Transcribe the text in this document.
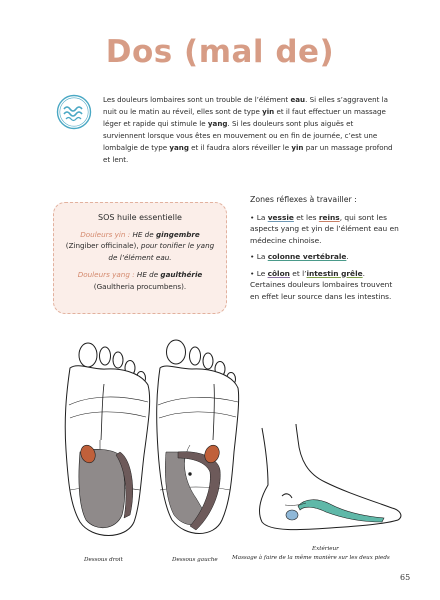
Dos (mal de)
Les douleurs lombaires sont un trouble de l’élément eau. Si elles s’aggravent la nuit ou le matin au réveil, elles sont de type yin et il faut effectuer un massage léger et rapide qui stimule le yang. Si les douleurs sont plus aiguës et surviennent lorsque vous êtes en mouvement ou en fin de journée, c’est une lombalgie de type yang et il faudra alors réveiller le yin par un massage profond et lent.
SOS huile essentielle
Douleurs yin : HE de gingembre
(Zingiber officinale), pour tonifier le yang de l’élément eau.
Douleurs yang : HE de gaulthérie
(Gaultheria procumbens).
Zones réflexes à travailler :
• La vessie et les reins, qui sont les aspects yang et yin de l’élément eau en médecine chinoise.
• La colonne vertébrale.
• Le côlon et l’intestin grêle. Certaines douleurs lombaires trouvent en effet leur source dans les intestins.
Dessous droit	Dessous gauche
Extérieur
Massage à faire de la même manière sur les deux pieds
65
